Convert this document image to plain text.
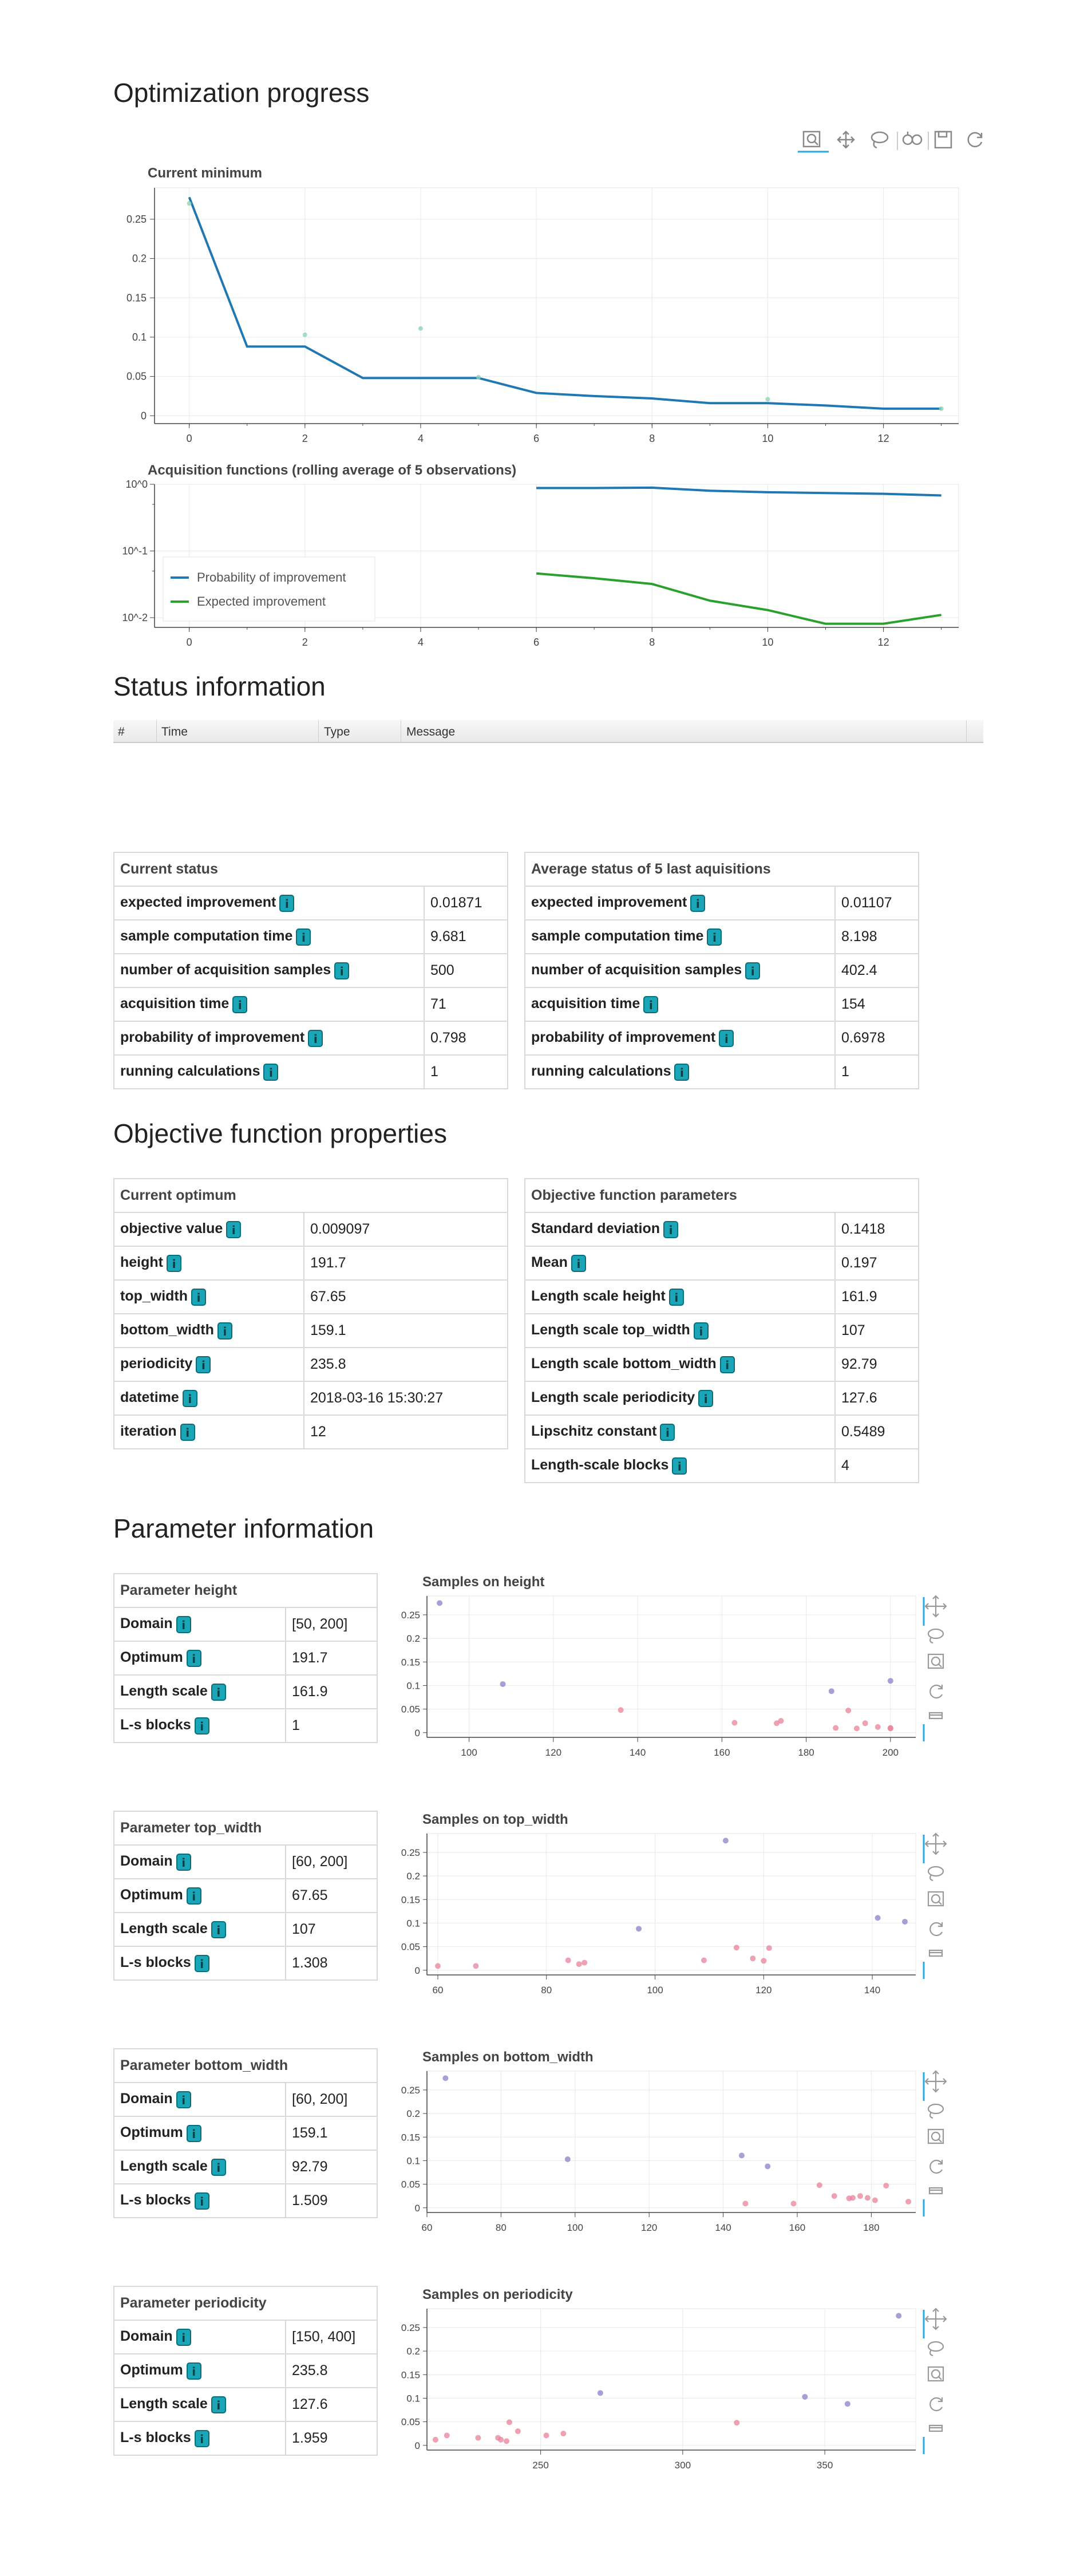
Optimization progress
Current minimum
0
0.05
0.1
0.15
0.2
0.25
0	2	4	6	8	10	12
Acquisition functions (rolling average of 5 observations)
10^0
10^-1
10^-2
0	2	4	6	8	10	12
Probability of improvement
Expected improvement
Status information
#	Time	Type	Message
Current status	
expected improvementi	0.01871
sample computation timei	9.681
number of acquisition samplesi	500
acquisition timei	71
probability of improvementi	0.798
running calculationsi	1
Average status of 5 last aquisitions	
expected improvementi	0.01107
sample computation timei	8.198
number of acquisition samplesi	402.4
acquisition timei	154
probability of improvementi	0.6978
running calculationsi	1
Objective function properties
Current optimum	
objective valuei	0.009097
heighti	191.7
top_widthi	67.65
bottom_widthi	159.1
periodicityi	235.8
datetimei	2018-03-16 15:30:27
iterationi	12
Objective function parameters	
Standard deviationi	0.1418
Meani	0.197
Length scale heighti	161.9
Length scale top_widthi	107
Length scale bottom_widthi	92.79
Length scale periodicityi	127.6
Lipschitz constanti	0.5489
Length-scale blocksi	4
Parameter information
Parameter height	
Domaini	[50, 200]
Optimumi	191.7
Length scalei	161.9
L-s blocksi	1
Parameter top_width	
Domaini	[60, 200]
Optimumi	67.65
Length scalei	107
L-s blocksi	1.308
Parameter bottom_width	
Domaini	[60, 200]
Optimumi	159.1
Length scalei	92.79
L-s blocksi	1.509
Parameter periodicity	
Domaini	[150, 400]
Optimumi	235.8
Length scalei	127.6
L-s blocksi	1.959
Samples on height
0
0.05
0.1
0.15
0.2
0.25
100	120	140	160	180	200
Samples on top_width
0
0.05
0.1
0.15
0.2
0.25
60	80	100	120	140
Samples on bottom_width
0
0.05
0.1
0.15
0.2
0.25
60	80	100	120	140	160	180
Samples on periodicity
0
0.05
0.1
0.15
0.2
0.25
250	300	350
